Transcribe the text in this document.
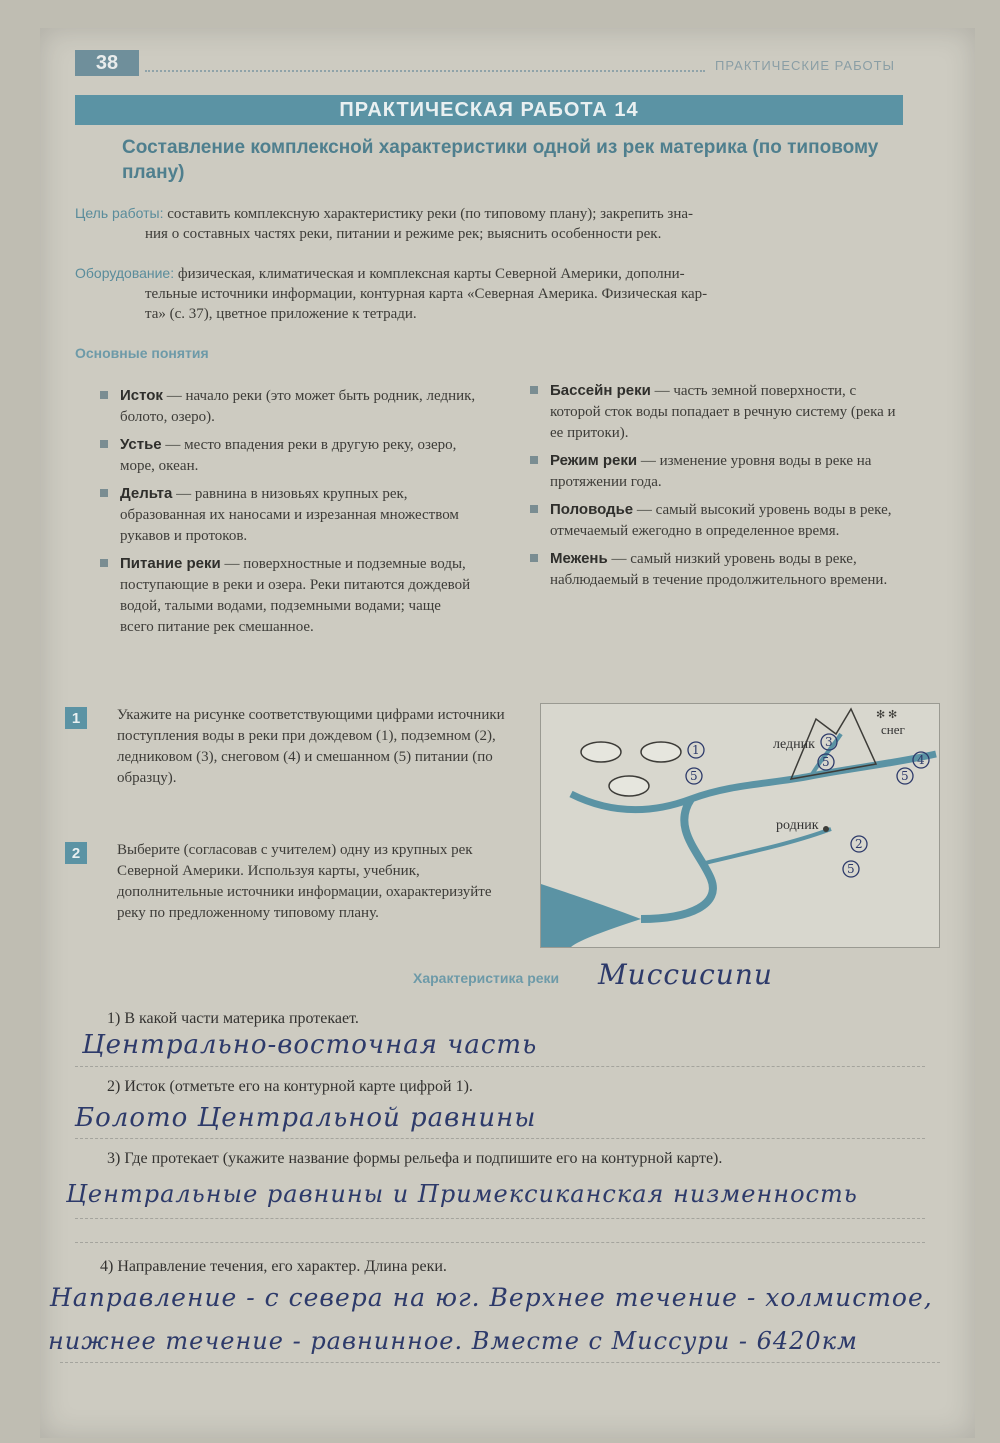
38	ПРАКТИЧЕСКИЕ РАБОТЫ
ПРАКТИЧЕСКАЯ РАБОТА 14
Составление комплексной характеристики одной из рек материка (по типовому плану)
Цель работы: составить комплексную характеристику реки (по типовому плану); закрепить зна-
ния о составных частях реки, питании и режиме рек; выяснить особенности рек.
Оборудование: физическая, климатическая и комплексная карты Северной Америки, дополни-
тельные источники информации, контурная карта «Северная Америка. Физическая кар-
та» (с. 37), цветное приложение к тетради.
Основные понятия
Исток — начало реки (это может быть родник, ледник, болото, озеро).
Устье — место впадения реки в другую реку, озеро, море, океан.
Дельта — равнина в низовьях крупных рек, образованная их наносами и изрезанная множеством рукавов и протоков.
Питание реки — поверхностные и подземные воды, поступающие в реки и озера. Реки питаются дождевой водой, талыми водами, подземными водами; чаще всего питание рек смешанное.
Бассейн реки — часть земной поверхности, с которой сток воды попадает в речную систему (река и ее притоки).
Режим реки — изменение уровня воды в реке на протяжении года.
Половодье — самый высокий уровень воды в реке, отмечаемый ежегодно в определенное время.
Межень — самый низкий уровень воды в реке, наблюдаемый в течение продолжительного времени.
1	Укажите на рисунке соответствующими цифрами источники поступления воды в реки при дождевом (1), подземном (2), ледниковом (3), снеговом (4) и смешанном (5) питании (по образцу).
2	Выберите (согласовав с учителем) одну из крупных рек Северной Америки. Используя карты, учебник, дополнительные источники информации, охарактеризуйте реку по предложенному типовому плану.
✻ ✻
ледник
снег
родник
1
5
3
5	4
5
2
5
Характеристика реки Миссисипи
1) В какой части материка протекает.
Центрально-восточная часть
2) Исток (отметьте его на контурной карте цифрой 1).
Болото Центральной равнины
3) Где протекает (укажите название формы рельефа и подпишите его на контурной карте).
Центральные равнины и Примексиканская низменность
4) Направление течения, его характер. Длина реки.
Направление - с севера на юг. Верхнее течение - холмистое,
нижнее течение - равнинное. Вместе с Миссури - 6420км
